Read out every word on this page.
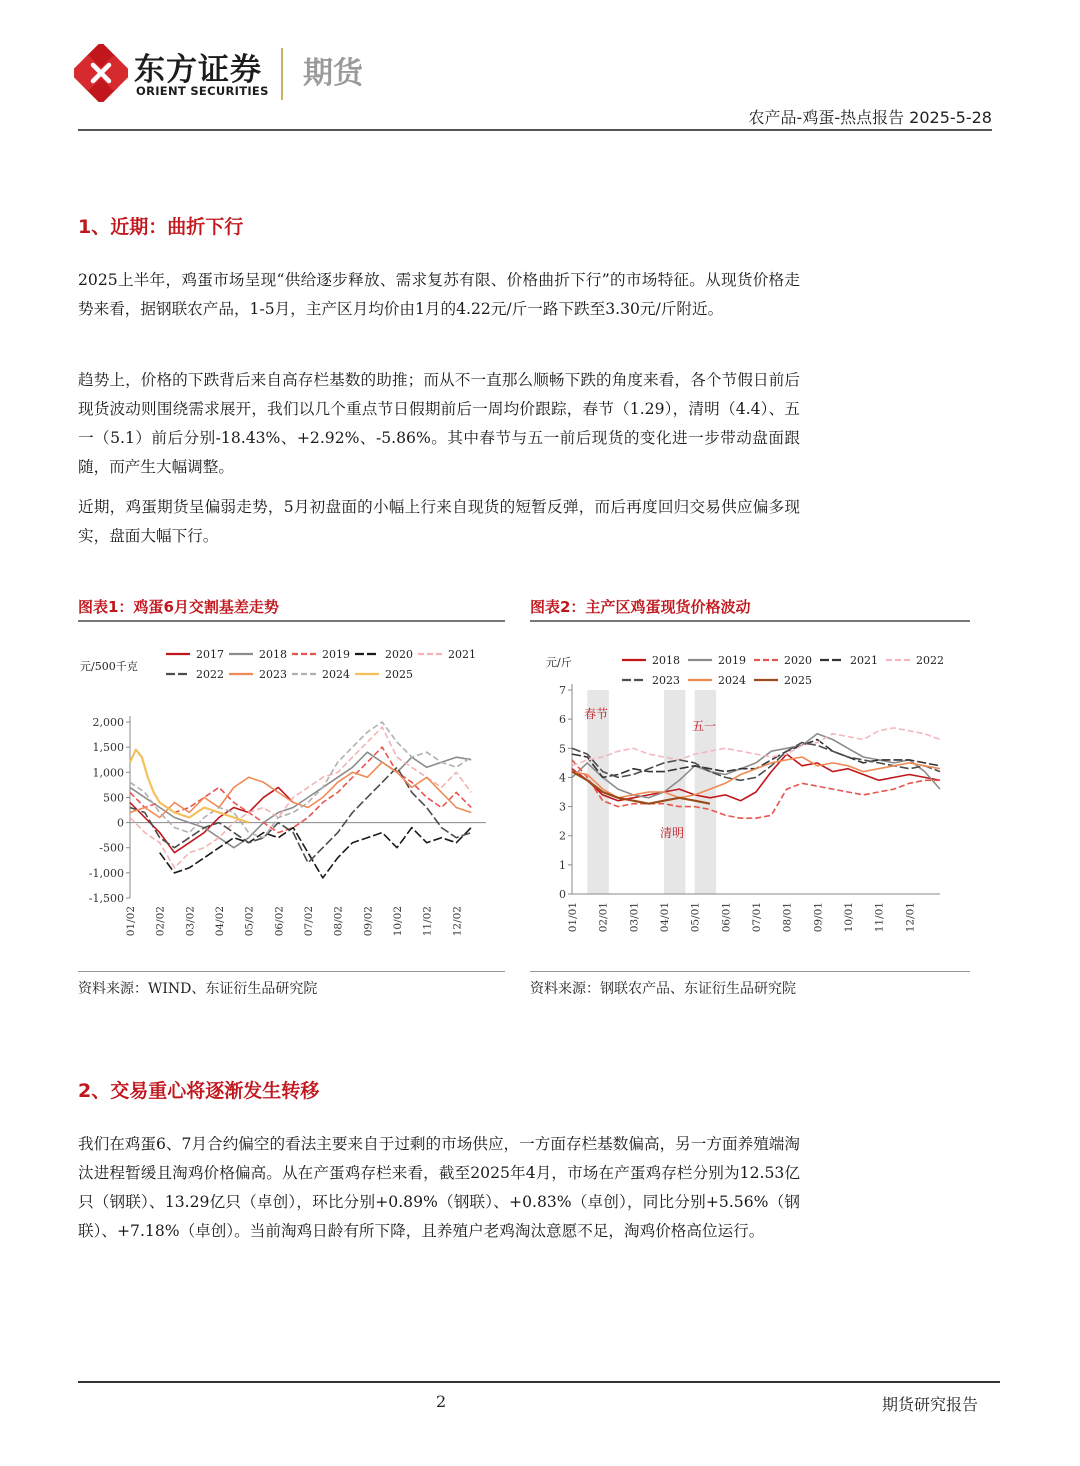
东方证券
ORIENT SECURITIES 期货
农产品-鸡蛋-热点报告 2025-5-28
1、近期：曲折下行
2025上半年，鸡蛋市场呈现“供给逐步释放、需求复苏有限、价格曲折下行”的市场特征。从现货价格走势来看，据钢联农产品，1-5月，主产区月均价由1月的4.22元/斤一路下跌至3.30元/斤附近。
趋势上，价格的下跌背后来自高存栏基数的助推；而从不一直那么顺畅下跌的角度来看，各个节假日前后现货波动则围绕需求展开，我们以几个重点节日假期前后一周均价跟踪，春节（1.29），清明（4.4）、五一（5.1）前后分别-18.43%、+2.92%、-5.86%。其中春节与五一前后现货的变化进一步带动盘面跟随，而产生大幅调整。
近期，鸡蛋期货呈偏弱走势，5月初盘面的小幅上行来自现货的短暂反弹，而后再度回归交易供应偏多现实，盘面大幅下行。
图表1：鸡蛋6月交割基差走势
2017	2018	2019	2020	2021
2022	2023	2024	2025
元/500千克
2,000
1,500
1,000
500
0
-500
-1,000
-1,500
01/02 02/02 03/02 04/02 05/02 06/02 07/02 08/02 09/02 10/02 11/02 12/02
资料来源：WIND、东证衍生品研究院
图表2：主产区鸡蛋现货价格波动
2018	2019	2020	2021	2022
2023	2024	2025
元/斤
7
6
5
4
3
2
1
0
01/01 02/01 03/01 04/01 05/01 06/01 07/01 08/01 09/01 10/01 11/01 12/01
春节
五一
清明
资料来源：钢联农产品、东证衍生品研究院
2、交易重心将逐渐发生转移
我们在鸡蛋6、7月合约偏空的看法主要来自于过剩的市场供应，一方面存栏基数偏高，另一方面养殖端淘汰进程暂缓且淘鸡价格偏高。从在产蛋鸡存栏来看，截至2025年4月，市场在产蛋鸡存栏分别为12.53亿只（钢联）、13.29亿只（卓创），环比分别+0.89%（钢联）、+0.83%（卓创），同比分别+5.56%（钢联）、+7.18%（卓创）。当前淘鸡日龄有所下降，且养殖户老鸡淘汰意愿不足，淘鸡价格高位运行。
2	期货研究报告
